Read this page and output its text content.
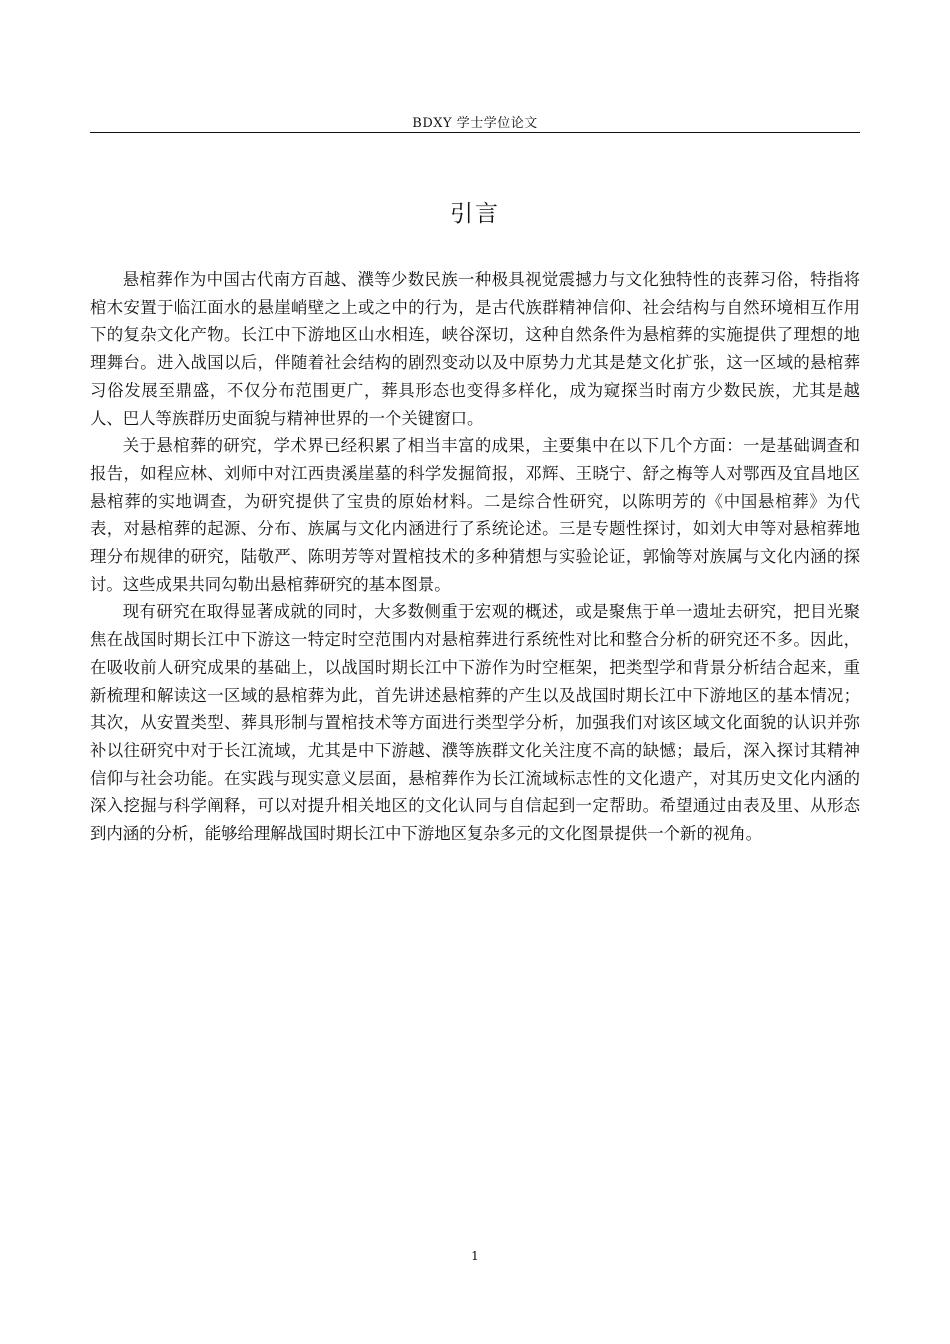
BDXY 学士学位论文
引言

悬棺葬作为中国古代南方百越、濮等少数民族一种极具视觉震撼力与文化独特性的丧葬习俗，特指将棺木安置于临江面水的悬崖峭壁之上或之中的行为，是古代族群精神信仰、社会结构与自然环境相互作用下的复杂文化产物。长江中下游地区山水相连，峡谷深切，这种自然条件为悬棺葬的实施提供了理想的地理舞台。进入战国以后，伴随着社会结构的剧烈变动以及中原势力尤其是楚文化扩张，这一区域的悬棺葬习俗发展至鼎盛，不仅分布范围更广，葬具形态也变得多样化，成为窥探当时南方少数民族，尤其是越人、巴人等族群历史面貌与精神世界的一个关键窗口。

关于悬棺葬的研究，学术界已经积累了相当丰富的成果，主要集中在以下几个方面：一是基础调查和报告，如程应林、刘师中对江西贵溪崖墓的科学发掘简报，邓辉、王晓宁、舒之梅等人对鄂西及宜昌地区悬棺葬的实地调查，为研究提供了宝贵的原始材料。二是综合性研究，以陈明芳的《中国悬棺葬》为代表，对悬棺葬的起源、分布、族属与文化内涵进行了系统论述。三是专题性探讨，如刘大申等对悬棺葬地理分布规律的研究，陆敬严、陈明芳等对置棺技术的多种猜想与实验论证，郭愉等对族属与文化内涵的探讨。这些成果共同勾勒出悬棺葬研究的基本图景。

现有研究在取得显著成就的同时，大多数侧重于宏观的概述，或是聚焦于单一遗址去研究，把目光聚焦在战国时期长江中下游这一特定时空范围内对悬棺葬进行系统性对比和整合分析的研究还不多。因此，在吸收前人研究成果的基础上，以战国时期长江中下游作为时空框架，把类型学和背景分析结合起来，重新梳理和解读这一区域的悬棺葬为此，首先讲述悬棺葬的产生以及战国时期长江中下游地区的基本情况；其次，从安置类型、葬具形制与置棺技术等方面进行类型学分析，加强我们对该区域文化面貌的认识并弥补以往研究中对于长江流域，尤其是中下游越、濮等族群文化关注度不高的缺憾；最后，深入探讨其精神信仰与社会功能。在实践与现实意义层面，悬棺葬作为长江流域标志性的文化遗产，对其历史文化内涵的深入挖掘与科学阐释，可以对提升相关地区的文化认同与自信起到一定帮助。希望通过由表及里、从形态到内涵的分析，能够给理解战国时期长江中下游地区复杂多元的文化图景提供一个新的视角。

1
